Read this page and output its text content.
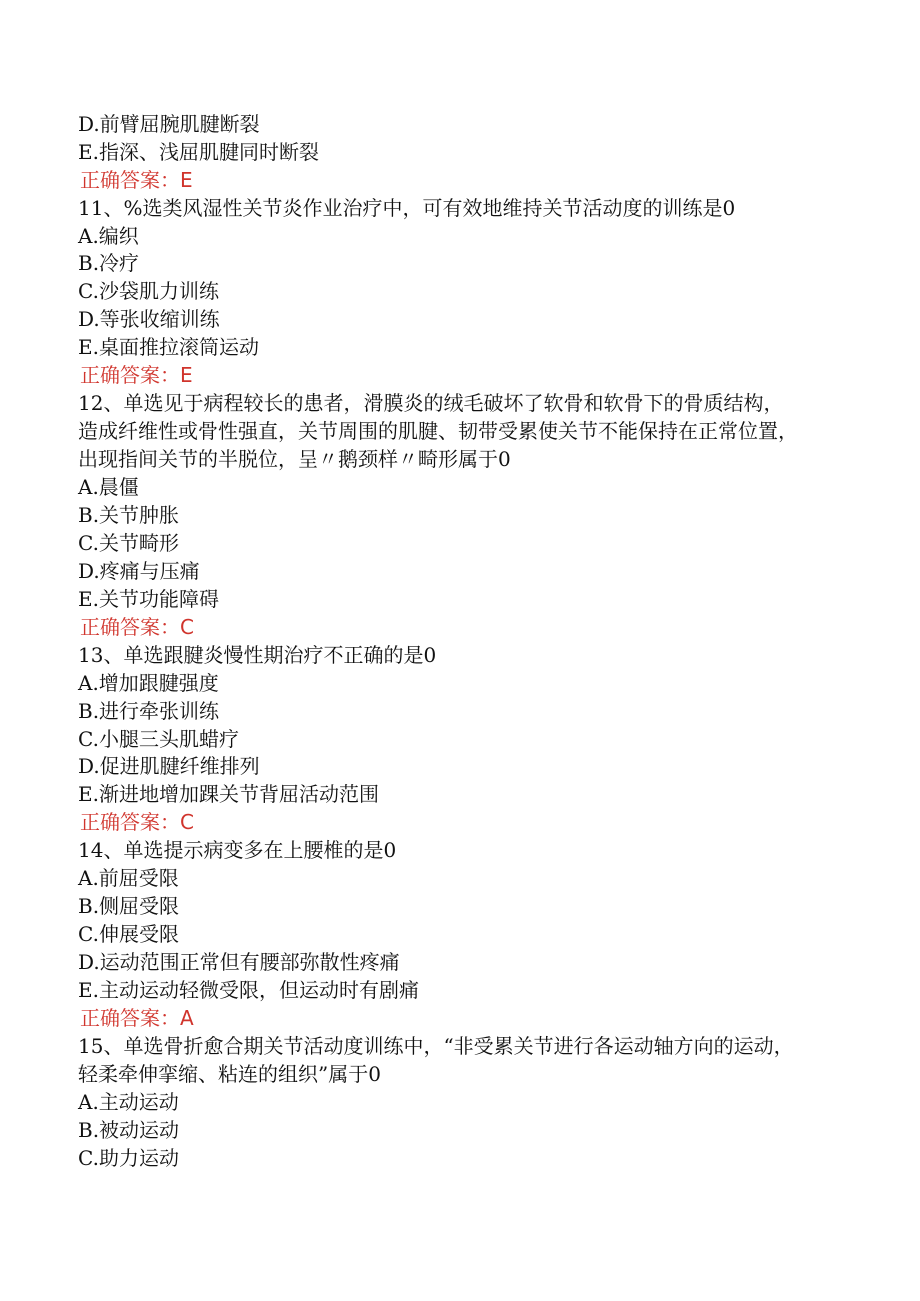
D.前臂屈腕肌腱断裂
E.指深、浅屈肌腱同时断裂
正确答案：E
11、%选类风湿性关节炎作业治疗中，可有效地维持关节活动度的训练是0
A.编织
B.冷疗
C.沙袋肌力训练
D.等张收缩训练
E.桌面推拉滚筒运动
正确答案：E
12、单选见于病程较长的患者，滑膜炎的绒毛破坏了软骨和软骨下的骨质结构，
造成纤维性或骨性强直，关节周围的肌腱、韧带受累使关节不能保持在正常位置，
出现指间关节的半脱位，呈〃鹅颈样〃畸形属于0
A.晨僵
B.关节肿胀
C.关节畸形
D.疼痛与压痛
E.关节功能障碍
正确答案：C
13、单选跟腱炎慢性期治疗不正确的是0
A.增加跟腱强度
B.进行牵张训练
C.小腿三头肌蜡疗
D.促进肌腱纤维排列
E.渐进地增加踝关节背屈活动范围
正确答案：C
14、单选提示病变多在上腰椎的是0
A.前屈受限
B.侧屈受限
C.伸展受限
D.运动范围正常但有腰部弥散性疼痛
E.主动运动轻微受限，但运动时有剧痛
正确答案：A
15、单选骨折愈合期关节活动度训练中，“非受累关节进行各运动轴方向的运动，
轻柔牵伸挛缩、粘连的组织”属于0
A.主动运动
B.被动运动
C.助力运动
